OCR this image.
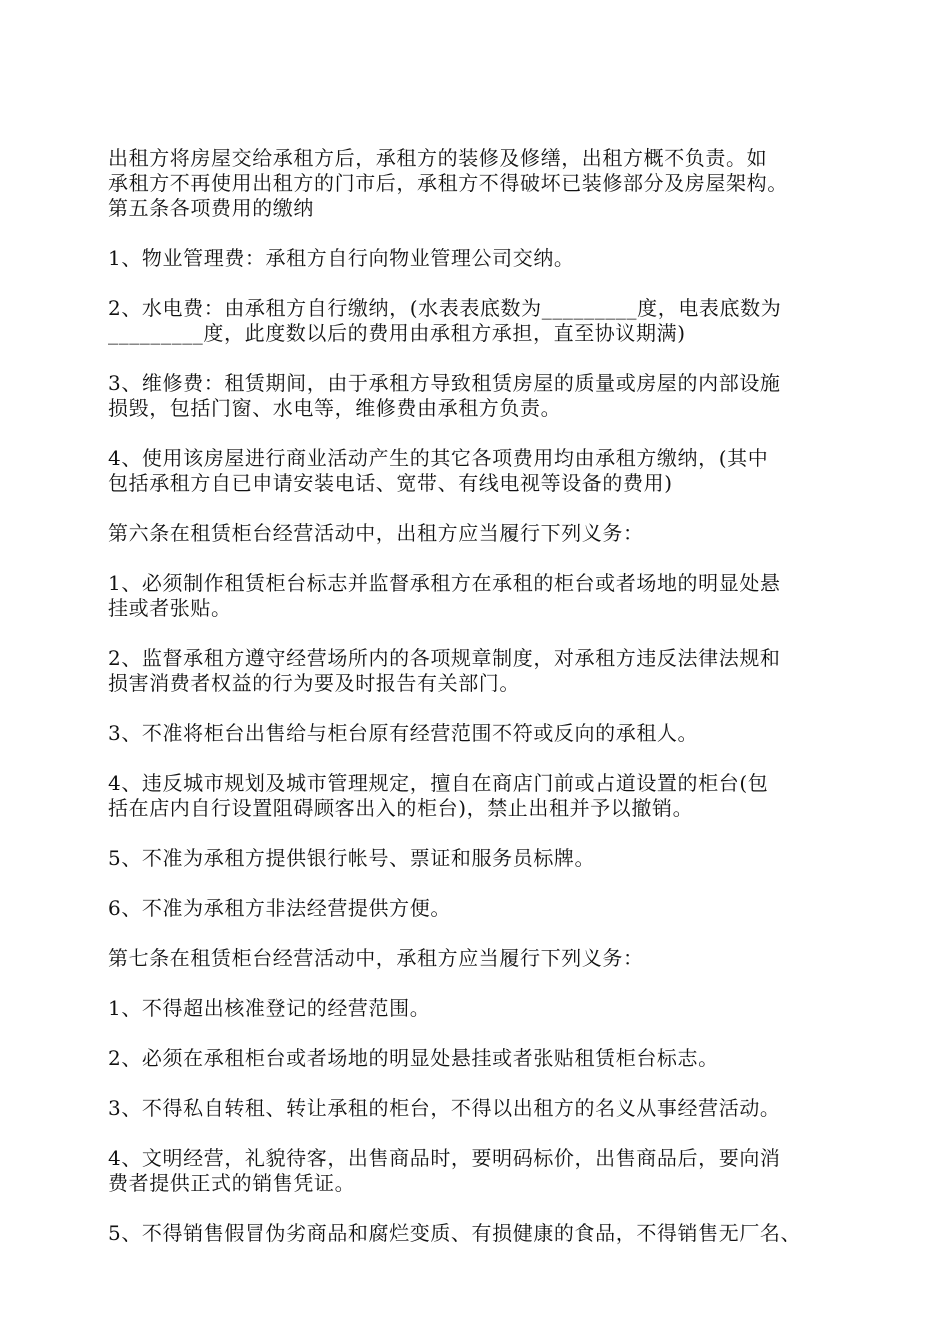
出租方将房屋交给承租方后，承租方的装修及修缮，出租方概不负责。如
承租方不再使用出租方的门市后，承租方不得破坏已装修部分及房屋架构。
第五条各项费用的缴纳
1、物业管理费：承租方自行向物业管理公司交纳。
2、水电费：由承租方自行缴纳，(水表表底数为_________度，电表底数为
_________度，此度数以后的费用由承租方承担，直至协议期满)
3、维修费：租赁期间，由于承租方导致租赁房屋的质量或房屋的内部设施
损毁，包括门窗、水电等，维修费由承租方负责。
4、使用该房屋进行商业活动产生的其它各项费用均由承租方缴纳，(其中
包括承租方自已申请安装电话、宽带、有线电视等设备的费用)
第六条在租赁柜台经营活动中，出租方应当履行下列义务：
1、必须制作租赁柜台标志并监督承租方在承租的柜台或者场地的明显处悬
挂或者张贴。
2、监督承租方遵守经营场所内的各项规章制度，对承租方违反法律法规和
损害消费者权益的行为要及时报告有关部门。
3、不准将柜台出售给与柜台原有经营范围不符或反向的承租人。
4、违反城市规划及城市管理规定，擅自在商店门前或占道设置的柜台(包
括在店内自行设置阻碍顾客出入的柜台)，禁止出租并予以撤销。
5、不准为承租方提供银行帐号、票证和服务员标牌。
6、不准为承租方非法经营提供方便。
第七条在租赁柜台经营活动中，承租方应当履行下列义务：
1、不得超出核准登记的经营范围。
2、必须在承租柜台或者场地的明显处悬挂或者张贴租赁柜台标志。
3、不得私自转租、转让承租的柜台，不得以出租方的名义从事经营活动。
4、文明经营，礼貌待客，出售商品时，要明码标价，出售商品后，要向消
费者提供正式的销售凭证。
5、不得销售假冒伪劣商品和腐烂变质、有损健康的食品，不得销售无厂名、
